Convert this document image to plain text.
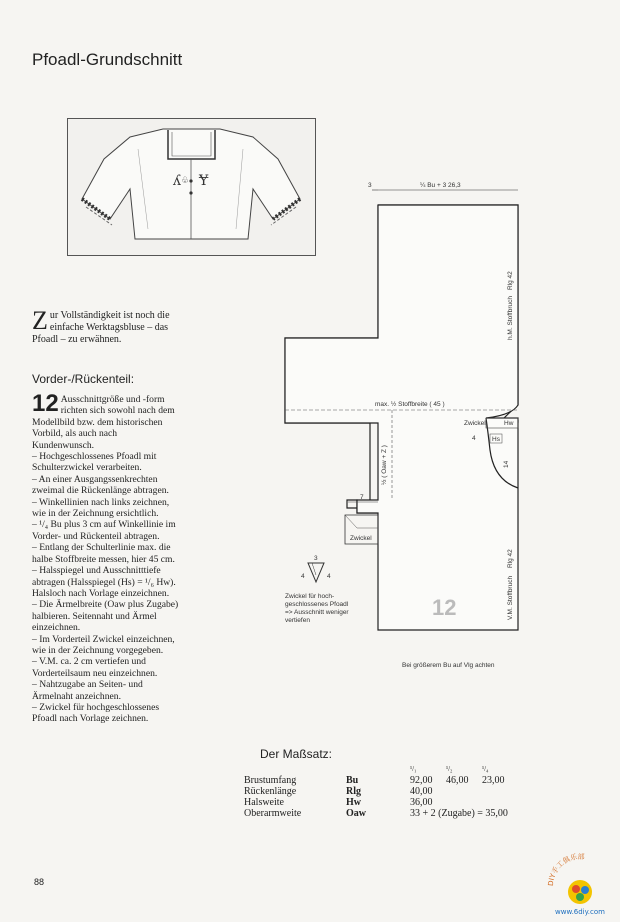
Pfoadl-Grundschnitt
ʎ ♧ Ɏ
Z ur Vollständigkeit ist noch die einfache Werktagsbluse – das Pfoadl – zu erwähnen.
Vorder-/Rückenteil:
12 Ausschnittgröße und -form richten sich sowohl nach dem Modellbild bzw. dem historischen Vorbild, als auch nach Kundenwunsch.

– Hochgeschlossenes Pfoadl mit Schulterzwickel verarbeiten.

– An einer Ausgangssenkrechten zweimal die Rückenlänge abtragen.

– Winkellinien nach links zeichnen, wie in der Zeichnung ersichtlich.

– ¹/₄ Bu plus 3 cm auf Winkellinie im Vorder- und Rückenteil abtragen.

– Entlang der Schulterlinie max. die halbe Stoffbreite messen, hier 45 cm.

– Halsspiegel und Ausschnitttiefe abtragen (Halsspiegel (Hs) = ¹/₆ Hw). Halsloch nach Vorlage einzeichnen.

– Die Ärmelbreite (Oaw plus Zugabe) halbieren. Seitennaht und Ärmel einzeichnen.

– Im Vorderteil Zwickel einzeichnen, wie in der Zeichnung vorgegeben.

– V.M. ca. 2 cm vertiefen und Vorderteilsaum neu einzeichnen.

– Nahtzugabe an Seiten- und Ärmelnaht anzeichnen.

– Zwickel für hochgeschlossenes Pfoadl nach Vorlage zeichnen.

3	¼ Bu + 3 26,3
max. ½ Stoffbreite ( 45 )
Zwickel	Hw
4	Hs
14
½ ( Oaw + Z )
7
Zwickel
h.M. Stoffbruch
Rlg 42
V.M. Stoffbruch
Rlg 42
12
3
4	4
Zwickel für hoch-
geschlossenes Pfoadl
=> Ausschnitt weniger
vertiefen
Bei größerem Bu auf Vlg achten
Der Maßsatz:
		¹/₁	¹/₂	¹/₄
Brustumfang	Bu	92,00	46,00	23,00
Rückenlänge	Rlg	40,00		
Halsweite	Hw	36,00		
Oberarmweite	Oaw	33 + 2 (Zugabe) = 35,00		
88	DIY手工俱乐部
www.6diy.com
